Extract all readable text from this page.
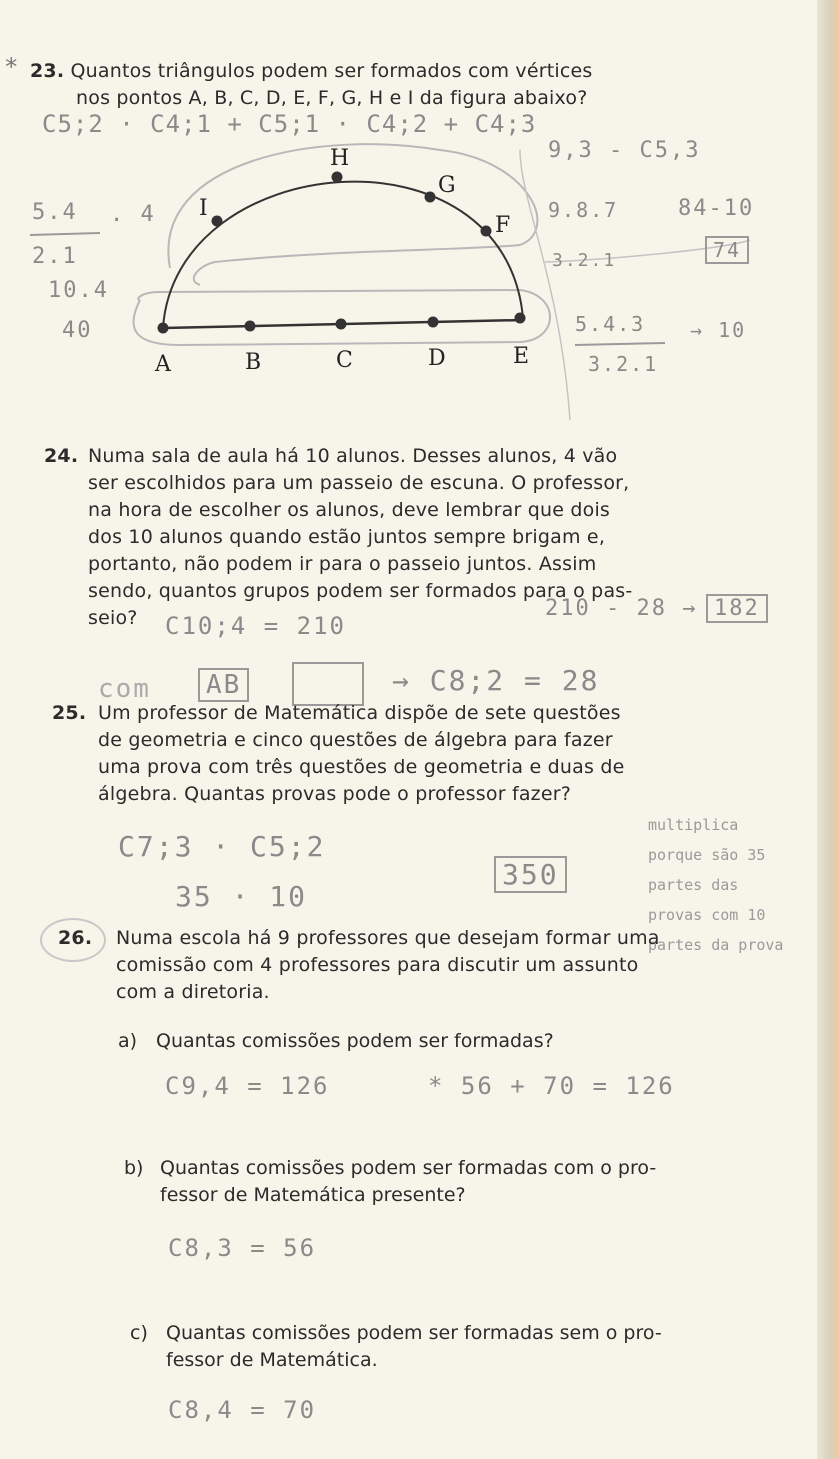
* 23. Quantos triângulos podem ser formados com vértices
nos pontos A, B, C, D, E, F, G, H e I da figura abaixo?
H
G
I
F
A	B	C	D	E
C5;2 · C4;1 + C5;1 · C4;2 + C4;3
5.4 . 4
2.1
10.4
40
9,3 - C5,3
9.8.7	84-10
74
3.2.1
5.4.3 → 10
3.2.1
24. Numa sala de aula há 10 alunos. Desses alunos, 4 vão
ser escolhidos para um passeio de escuna. O professor,
na hora de escolher os alunos, deve lembrar que dois
dos 10 alunos quando estão juntos sempre brigam e,
portanto, não podem ir para o passeio juntos. Assim
sendo, quantos grupos podem ser formados para o pas-
seio?	C10;4 = 210
210 - 28 → 182
com	AB	→ C8;2 = 28
25. Um professor de Matemática dispõe de sete questões
de geometria e cinco questões de álgebra para fazer
uma prova com três questões de geometria e duas de
álgebra. Quantas provas pode o professor fazer?
C7;3 · C5;2
35 · 10
350
multiplica porque são 35 partes das provas com 10 partes da prova
26. Numa escola há 9 professores que desejam formar uma
comissão com 4 professores para discutir um assunto
com a diretoria.
a) Quantas comissões podem ser formadas?
C9,4 = 126	* 56 + 70 = 126
b) Quantas comissões podem ser formadas com o pro-
fessor de Matemática presente?
C8,3 = 56
c) Quantas comissões podem ser formadas sem o pro-
fessor de Matemática.
C8,4 = 70
